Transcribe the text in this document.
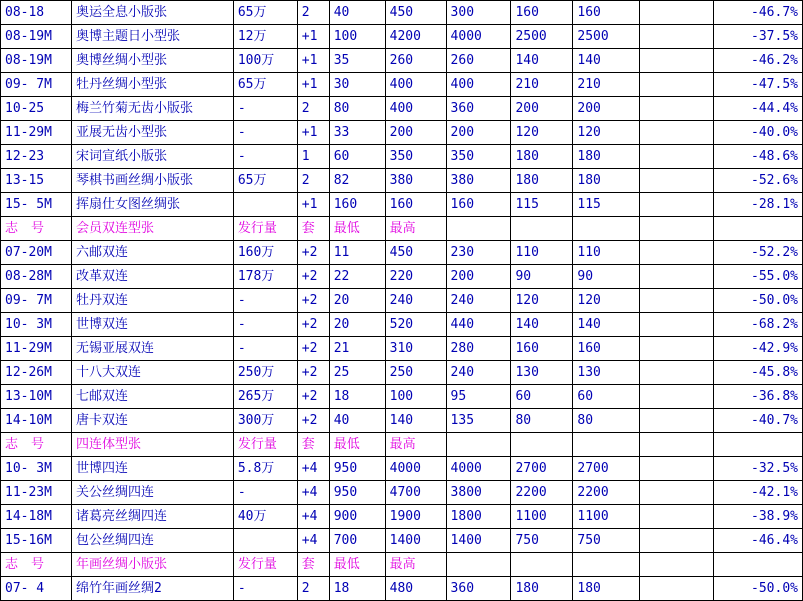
08-18	奥运全息小版张	65万	2	40	450	300	160	160		-46.7%
08-19M	奥博主题日小型张	12万	+1	100	4200	4000	2500	2500		-37.5%
08-19M	奥博丝绸小型张	100万	+1	35	260	260	140	140		-46.2%
09- 7M	牡丹丝绸小型张	65万	+1	30	400	400	210	210		-47.5%
10-25	梅兰竹菊无齿小版张	-	2	80	400	360	200	200		-44.4%
11-29M	亚展无齿小型张	-	+1	33	200	200	120	120		-40.0%
12-23	宋词宣纸小版张	-	1	60	350	350	180	180		-48.6%
13-15	琴棋书画丝绸小版张	65万	2	82	380	380	180	180		-52.6%
15- 5M	挥扇仕女图丝绸张		+1	160	160	160	115	115		-28.1%
志　号	会员双连型张	发行量	套	最低	最高					
07-20M	六邮双连	160万	+2	11	450	230	110	110		-52.2%
08-28M	改革双连	178万	+2	22	220	200	90	90		-55.0%
09- 7M	牡丹双连	-	+2	20	240	240	120	120		-50.0%
10- 3M	世博双连	-	+2	20	520	440	140	140		-68.2%
11-29M	无锡亚展双连	-	+2	21	310	280	160	160		-42.9%
12-26M	十八大双连	250万	+2	25	250	240	130	130		-45.8%
13-10M	七邮双连	265万	+2	18	100	95	60	60		-36.8%
14-10M	唐卡双连	300万	+2	40	140	135	80	80		-40.7%
志　号	四连体型张	发行量	套	最低	最高					
10- 3M	世博四连	5.8万	+4	950	4000	4000	2700	2700		-32.5%
11-23M	关公丝绸四连	-	+4	950	4700	3800	2200	2200		-42.1%
14-18M	诸葛亮丝绸四连	40万	+4	900	1900	1800	1100	1100		-38.9%
15-16M	包公丝绸四连		+4	700	1400	1400	750	750		-46.4%
志　号	年画丝绸小版张	发行量	套	最低	最高					
07- 4	绵竹年画丝绸2	-	2	18	480	360	180	180		-50.0%
